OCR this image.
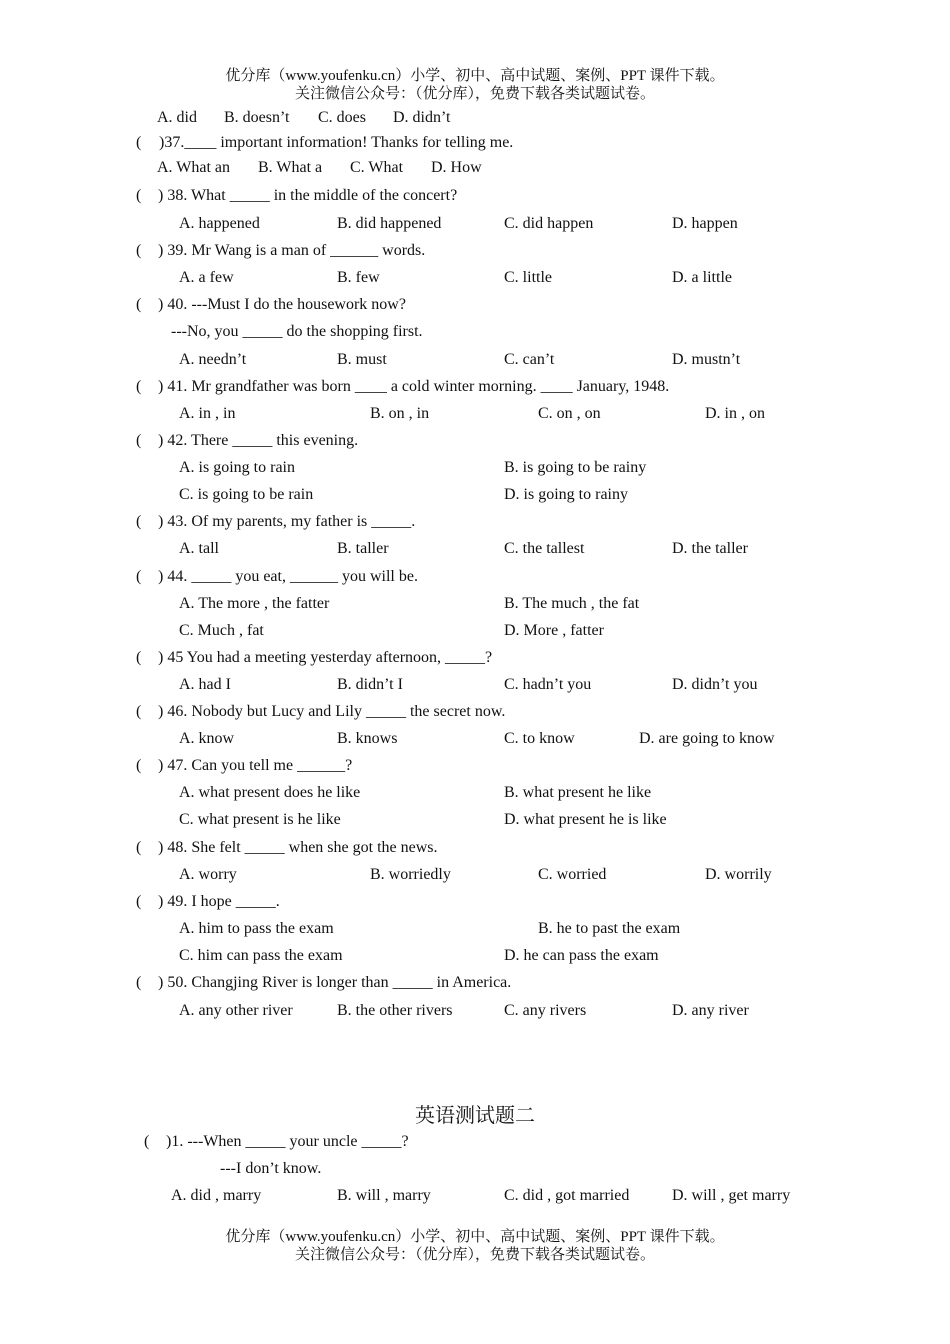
优分库（www.youfenku.cn）小学、初中、高中试题、案例、PPT 课件下载。
关注微信公众号：（优分库），免费下载各类试题试卷。
A. did B. doesn’t C. does D. didn’t
( )37.____ important information! Thanks for telling me.
A. What an B. What a C. What D. How
( ) 38. What _____ in the middle of the concert?
A. happened	B. did happened	C. did happen	D. happen
( ) 39. Mr Wang is a man of ______ words.
A. a few	B. few	C. little	D. a little
( ) 40. ---Must I do the housework now?
---No, you _____ do the shopping first.
A. needn’t	B. must	C. can’t	D. mustn’t
( ) 41. Mr grandfather was born ____ a cold winter morning. ____ January, 1948.
A. in , in	B. on , in	C. on , on	D. in , on
( ) 42. There _____ this evening.
A. is going to rain	B. is going to be rainy
C. is going to be rain	D. is going to rainy
( ) 43. Of my parents, my father is _____.
A. tall	B. taller	C. the tallest	D. the taller
( ) 44. _____ you eat, ______ you will be.
A. The more , the fatter	B. The much , the fat
C. Much , fat	D. More , fatter
( ) 45 You had a meeting yesterday afternoon, _____?
A. had I	B. didn’t I	C. hadn’t you	D. didn’t you
( ) 46. Nobody but Lucy and Lily _____ the secret now.
A. know	B. knows	C. to know	D. are going to know
( ) 47. Can you tell me ______?
A. what present does he like	B. what present he like
C. what present is he like	D. what present he is like
( ) 48. She felt _____ when she got the news.
A. worry	B. worriedly	C. worried	D. worrily
( ) 49. I hope _____.
A. him to pass the exam	B. he to past the exam
C. him can pass the exam	D. he can pass the exam
( ) 50. Changjing River is longer than _____ in America.
A. any other river	B. the other rivers	C. any rivers	D. any river
英语测试题二
( )1. ---When _____ your uncle _____?
---I don’t know.
A. did , marry	B. will , marry	C. did , got married	D. will , get marry
优分库（www.youfenku.cn）小学、初中、高中试题、案例、PPT 课件下载。
关注微信公众号：（优分库），免费下载各类试题试卷。
